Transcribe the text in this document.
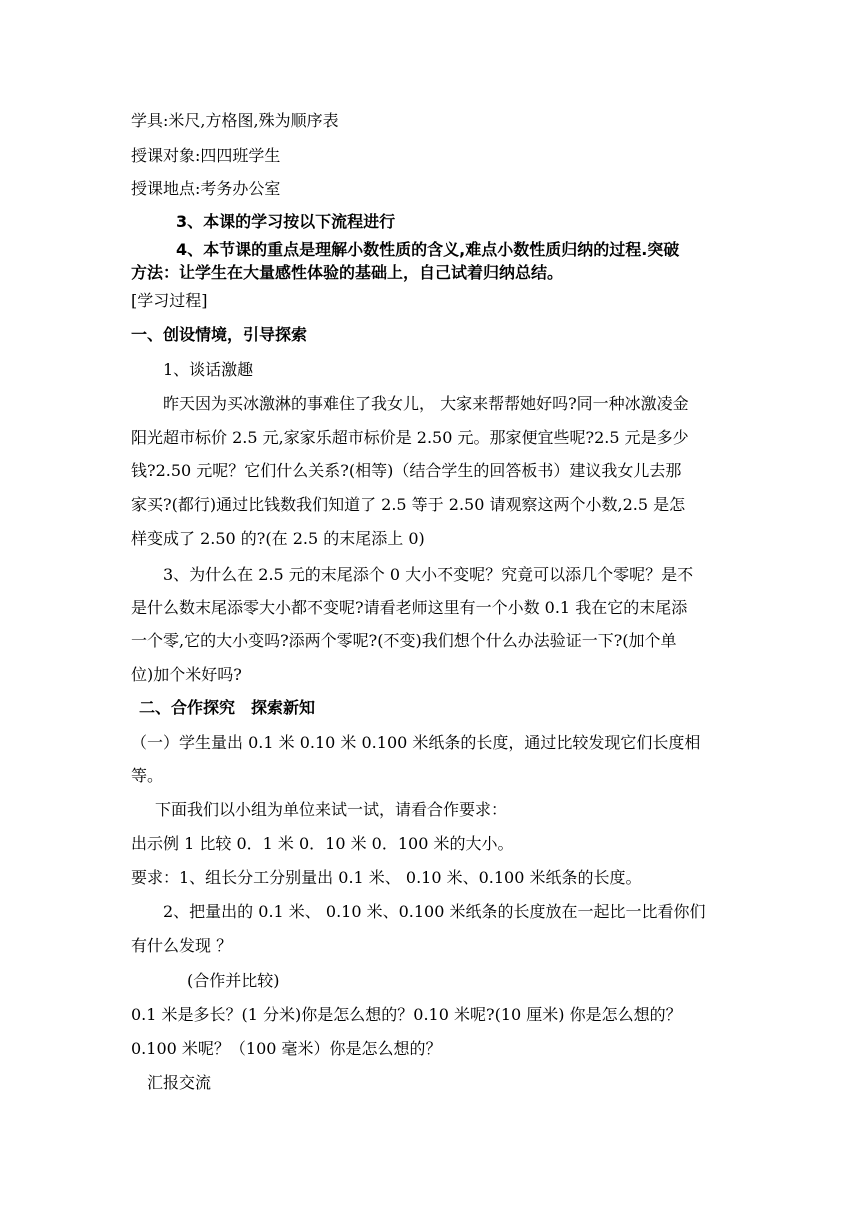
学具:米尺,方格图,殊为顺序表
授课对象:四四班学生
授课地点:考务办公室
3、本课的学习按以下流程进行
4、本节课的重点是理解小数性质的含义,难点小数性质归纳的过程.突破
方法：让学生在大量感性体验的基础上，自己试着归纳总结。
[学习过程]
一、创设情境，引导探索
1、谈话激趣
昨天因为买冰激淋的事难住了我女儿， 大家来帮帮她好吗?同一种冰激凌金
阳光超市标价 2.5 元,家家乐超市标价是 2.50 元。那家便宜些呢?2.5 元是多少
钱?2.50 元呢？它们什么关系?(相等)（结合学生的回答板书）建议我女儿去那
家买?(都行)通过比钱数我们知道了 2.5 等于 2.50 请观察这两个小数,2.5 是怎
样变成了 2.50 的?(在 2.5 的末尾添上 0)
3、为什么在 2.5 元的末尾添个 0 大小不变呢？究竟可以添几个零呢？是不
是什么数末尾添零大小都不变呢?请看老师这里有一个小数 0.1 我在它的末尾添
一个零,它的大小变吗?添两个零呢?(不变)我们想个什么办法验证一下?(加个单
位)加个米好吗?
二、合作探究　探索新知
（一）学生量出 0.1 米 0.10 米 0.100 米纸条的长度，通过比较发现它们长度相
等。
下面我们以小组为单位来试一试，请看合作要求：
出示例 1 比较 0．1 米 0．10 米 0．100 米的大小。
要求：1、组长分工分别量出 0.1 米、 0.10 米、0.100 米纸条的长度。
2、把量出的 0.1 米、 0.10 米、0.100 米纸条的长度放在一起比一比看你们
有什么发现 ？
(合作并比较)
0.1 米是多长？(1 分米)你是怎么想的？0.10 米呢?(10 厘米) 你是怎么想的？
0.100 米呢？（100 毫米）你是怎么想的？
汇报交流
